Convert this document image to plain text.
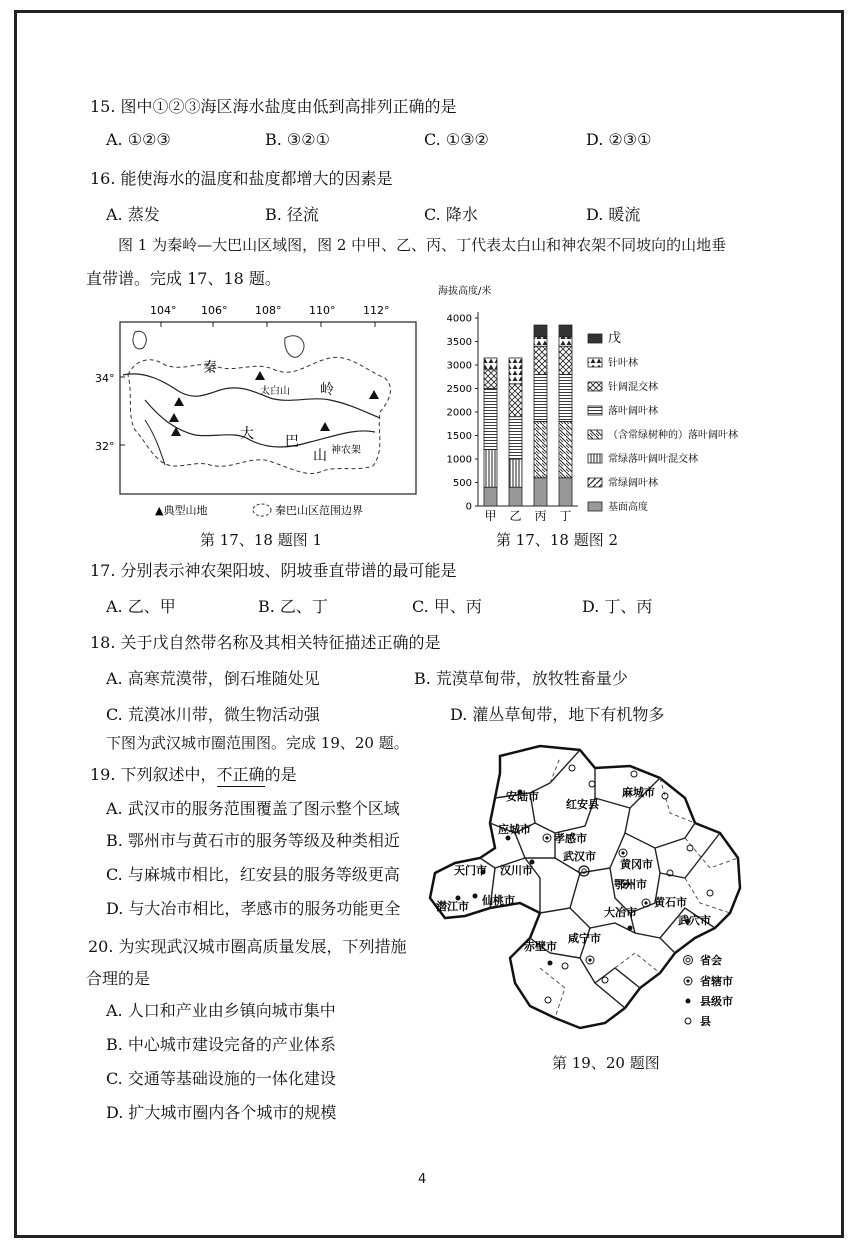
15. 图中①②③海区海水盐度由低到高排列正确的是
A. ①②③	B. ③②①	C. ①③②	D. ②③①
16. 能使海水的温度和盐度都增大的因素是
A. 蒸发	B. 径流	C. 降水	D. 暖流
图 1 为秦岭—大巴山区域图，图 2 中甲、乙、丙、丁代表太白山和神农架不同坡向的山地垂
直带谱。完成 17、18 题。
104° 106°	108°	110°	112°
34°
32°
秦
岭
太白山
大 巴
山 神农架
▲典型山地	秦巴山区范围边界
第 17、18 题图 1
海拔高度/米
0
500
1000
1500
2000
2500
3000
3500
4000
甲 乙 丙 丁
戊
针叶林
针阔混交林
落叶阔叶林
（含常绿树种的）落叶阔叶林
常绿落叶阔叶混交林
常绿阔叶林
基面高度
第 17、18 题图 2
17. 分别表示神农架阳坡、阴坡垂直带谱的最可能是
A. 乙、甲	B. 乙、丁	C. 甲、丙	D. 丁、丙
18. 关于戊自然带名称及其相关特征描述正确的是
A. 高寒荒漠带，倒石堆随处见	B. 荒漠草甸带，放牧牲畜量少
C. 荒漠冰川带，微生物活动强	D. 灌丛草甸带，地下有机物多
下图为武汉城市圈范围图。完成 19、20 题。
19. 下列叙述中，不正确的是
A. 武汉市的服务范围覆盖了图示整个区域
B. 鄂州市与黄石市的服务等级及种类相近
C. 与麻城市相比，红安县的服务等级更高
D. 与大冶市相比，孝感市的服务功能更全
20. 为实现武汉城市圈高质量发展，下列措施
合理的是
A. 人口和产业由乡镇向城市集中
B. 中心城市建设完备的产业体系
C. 交通等基础设施的一体化建设
D. 扩大城市圈内各个城市的规模
安陆市
红安县
麻城市
应城市
孝感市
武汉市
天门市 汉川市	黄冈市
鄂州市
潜江市 仙桃市	黄石市
大冶市
武穴市
咸宁市
赤壁市
省会
省辖市
县级市
县
第 19、20 题图
4
